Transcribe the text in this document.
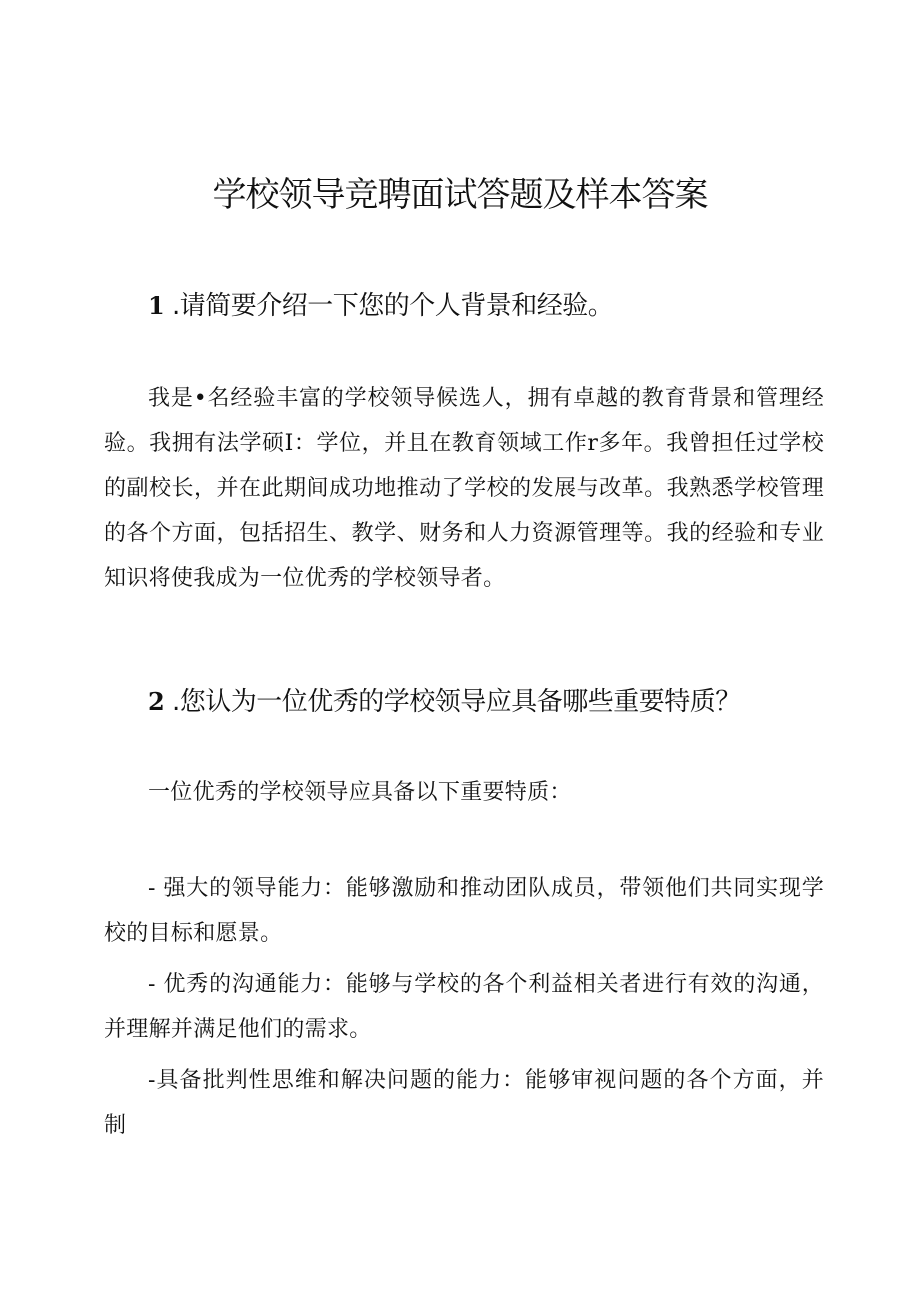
学校领导竞聘面试答题及样本答案
1 .请简要介绍一下您的个人背景和经验。

我是•名经验丰富的学校领导候选人，拥有卓越的教育背景和管理经验。我拥有法学硕I：学位，并且在教育领域工作r多年。我曾担任过学校的副校长，并在此期间成功地推动了学校的发展与改革。我熟悉学校管理的各个方面，包括招生、教学、财务和人力资源管理等。我的经验和专业知识将使我成为一位优秀的学校领导者。

2 .您认为一位优秀的学校领导应具备哪些重要特质？

一位优秀的学校领导应具备以下重要特质：

- 强大的领导能力：能够激励和推动团队成员，带领他们共同实现学校的目标和愿景。

- 优秀的沟通能力：能够与学校的各个利益相关者进行有效的沟通，并理解并满足他们的需求。

-具备批判性思维和解决问题的能力：能够审视问题的各个方面，并制
